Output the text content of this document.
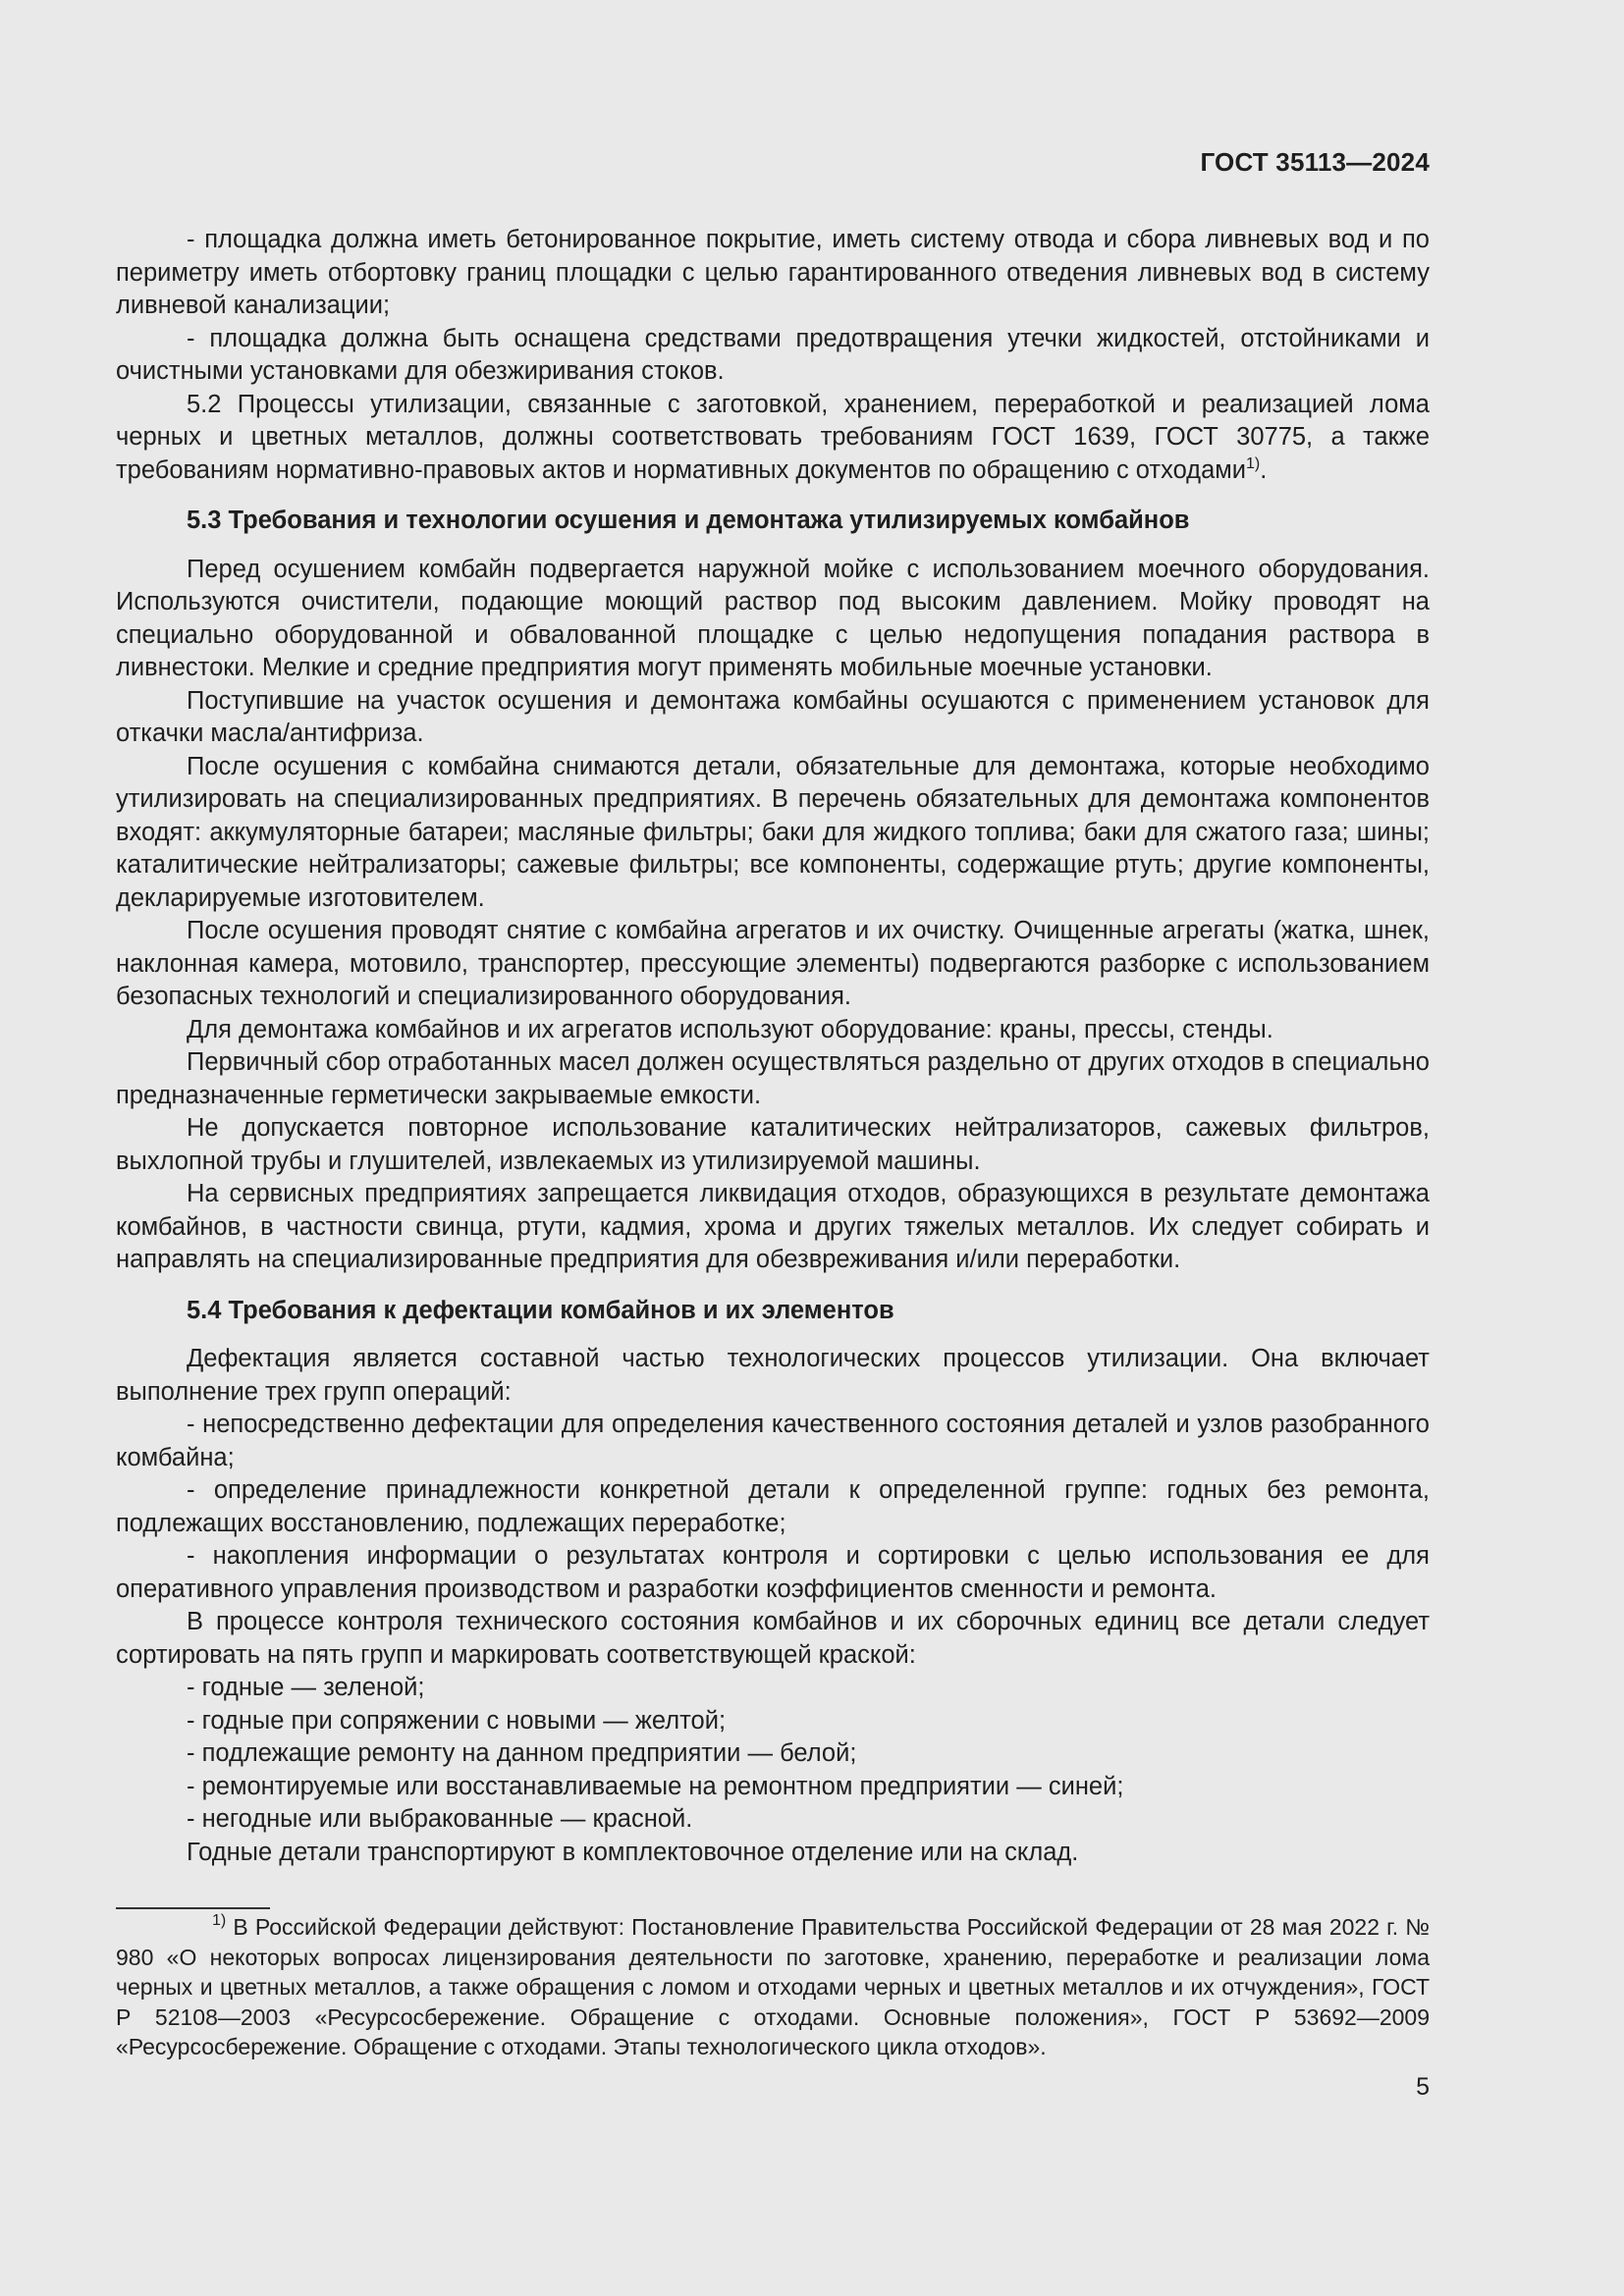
ГОСТ 35113—2024

- площадка должна иметь бетонированное покрытие, иметь систему отвода и сбора ливневых вод и по периметру иметь отбортовку границ площадки с целью гарантированного отведения ливневых вод в систему ливневой канализации;

- площадка должна быть оснащена средствами предотвращения утечки жидкостей, отстойниками и очистными установками для обезжиривания стоков.

5.2 Процессы утилизации, связанные с заготовкой, хранением, переработкой и реализацией лома черных и цветных металлов, должны соответствовать требованиям ГОСТ 1639, ГОСТ 30775, а также требованиям нормативно-правовых актов и нормативных документов по обращению с отходами$^{1)}$.

5.3 Требования и технологии осушения и демонтажа утилизируемых комбайнов

Перед осушением комбайн подвергается наружной мойке с использованием моечного оборудования. Используются очистители, подающие моющий раствор под высоким давлением. Мойку проводят на специально оборудованной и обвалованной площадке с целью недопущения попадания раствора в ливнестоки. Мелкие и средние предприятия могут применять мобильные моечные установки.

Поступившие на участок осушения и демонтажа комбайны осушаются с применением установок для откачки масла/антифриза.

После осушения с комбайна снимаются детали, обязательные для демонтажа, которые необходимо утилизировать на специализированных предприятиях. В перечень обязательных для демонтажа компонентов входят: аккумуляторные батареи; масляные фильтры; баки для жидкого топлива; баки для сжатого газа; шины; каталитические нейтрализаторы; сажевые фильтры; все компоненты, содержащие ртуть; другие компоненты, декларируемые изготовителем.

После осушения проводят снятие с комбайна агрегатов и их очистку. Очищенные агрегаты (жатка, шнек, наклонная камера, мотовило, транспортер, прессующие элементы) подвергаются разборке с использованием безопасных технологий и специализированного оборудования.

Для демонтажа комбайнов и их агрегатов используют оборудование: краны, прессы, стенды.

Первичный сбор отработанных масел должен осуществляться раздельно от других отходов в специально предназначенные герметически закрываемые емкости.

Не допускается повторное использование каталитических нейтрализаторов, сажевых фильтров, выхлопной трубы и глушителей, извлекаемых из утилизируемой машины.

На сервисных предприятиях запрещается ликвидация отходов, образующихся в результате демонтажа комбайнов, в частности свинца, ртути, кадмия, хрома и других тяжелых металлов. Их следует собирать и направлять на специализированные предприятия для обезвреживания и/или переработки.

5.4 Требования к дефектации комбайнов и их элементов

Дефектация является составной частью технологических процессов утилизации. Она включает выполнение трех групп операций:

- непосредственно дефектации для определения качественного состояния деталей и узлов разобранного комбайна;

- определение принадлежности конкретной детали к определенной группе: годных без ремонта, подлежащих восстановлению, подлежащих переработке;

- накопления информации о результатах контроля и сортировки с целью использования ее для оперативного управления производством и разработки коэффициентов сменности и ремонта.

В процессе контроля технического состояния комбайнов и их сборочных единиц все детали следует сортировать на пять групп и маркировать соответствующей краской:

- годные — зеленой;

- годные при сопряжении с новыми — желтой;

- подлежащие ремонту на данном предприятии — белой;

- ремонтируемые или восстанавливаемые на ремонтном предприятии — синей;

- негодные или выбракованные — красной.

Годные детали транспортируют в комплектовочное отделение или на склад.

$^{1)}$ В Российской Федерации действуют: Постановление Правительства Российской Федерации от 28 мая 2022 г. № 980 «О некоторых вопросах лицензирования деятельности по заготовке, хранению, переработке и реализации лома черных и цветных металлов, а также обращения с ломом и отходами черных и цветных металлов и их отчуждения», ГОСТ Р 52108—2003 «Ресурсосбережение. Обращение с отходами. Основные положения», ГОСТ Р 53692—2009 «Ресурсосбережение. Обращение с отходами. Этапы технологического цикла отходов».

5
